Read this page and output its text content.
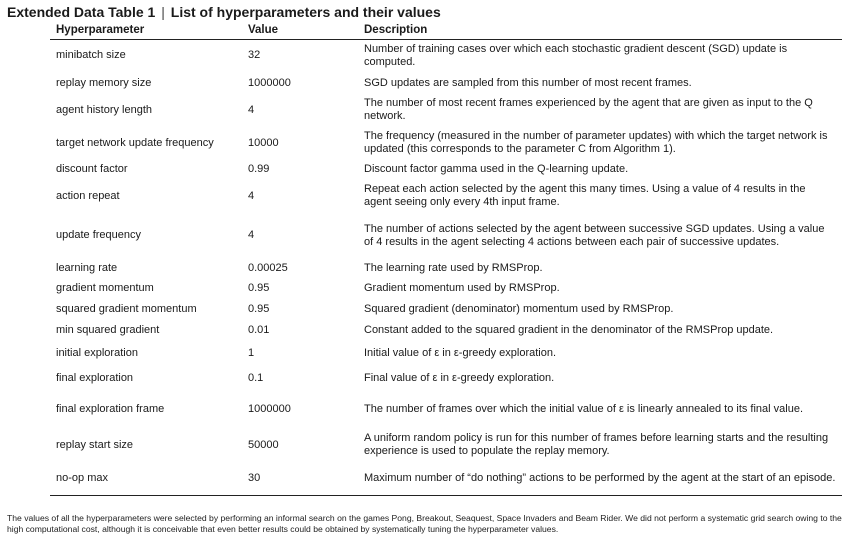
Extended Data Table 1 | List of hyperparameters and their values
Hyperparameter	Value	Description
minibatch size	32	Number of training cases over which each stochastic gradient descent (SGD) update is computed.
replay memory size	1000000	SGD updates are sampled from this number of most recent frames.
agent history length	4	The number of most recent frames experienced by the agent that are given as input to the Q network.
target network update frequency	10000	The frequency (measured in the number of parameter updates) with which the target network is updated (this corresponds to the parameter C from Algorithm 1).
discount factor	0.99	Discount factor gamma used in the Q-learning update.
action repeat	4	Repeat each action selected by the agent this many times. Using a value of 4 results in the agent seeing only every 4th input frame.
update frequency	4	The number of actions selected by the agent between successive SGD updates. Using a value of 4 results in the agent selecting 4 actions between each pair of successive updates.
learning rate	0.00025	The learning rate used by RMSProp.
gradient momentum	0.95	Gradient momentum used by RMSProp.
squared gradient momentum	0.95	Squared gradient (denominator) momentum used by RMSProp.
min squared gradient	0.01	Constant added to the squared gradient in the denominator of the RMSProp update.
initial exploration	1	Initial value of ε in ε-greedy exploration.
final exploration	0.1	Final value of ε in ε-greedy exploration.
final exploration frame	1000000	The number of frames over which the initial value of ε is linearly annealed to its final value.
replay start size	50000	A uniform random policy is run for this number of frames before learning starts and the resulting experience is used to populate the replay memory.
no-op max	30	Maximum number of “do nothing” actions to be performed by the agent at the start of an episode.
The values of all the hyperparameters were selected by performing an informal search on the games Pong, Breakout, Seaquest, Space Invaders and Beam Rider. We did not perform a systematic grid search owing to the high computational cost, although it is conceivable that even better results could be obtained by systematically tuning the hyperparameter values.
